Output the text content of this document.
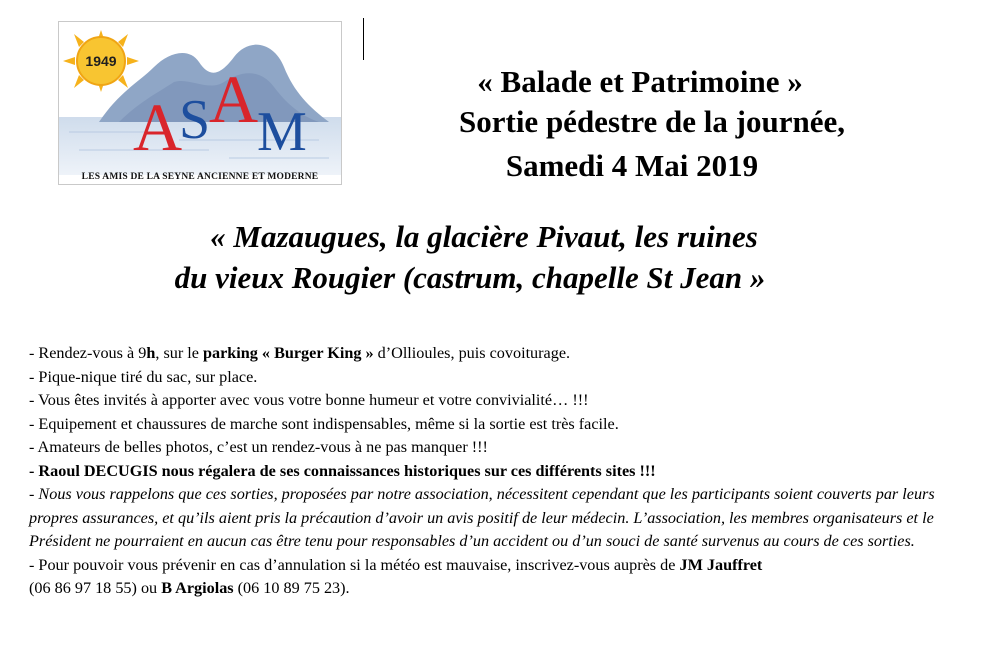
1949
A
S
A
M
LES AMIS DE LA SEYNE ANCIENNE ET MODERNE
« Balade et Patrimoine »
Sortie pédestre de la journée,
Samedi 4 Mai 2019
« Mazaugues, la glacière Pivaut, les ruines
du vieux Rougier (castrum, chapelle St Jean »

- Rendez-vous à 9h, sur le parking « Burger King » d’Ollioules, puis covoiturage.

- Pique-nique tiré du sac, sur place.

- Vous êtes invités à apporter avec vous votre bonne humeur et votre convivialité… !!!

- Equipement et chaussures de marche sont indispensables, même si la sortie est très facile.

- Amateurs de belles photos, c’est un rendez-vous à ne pas manquer !!!

- Raoul DECUGIS nous régalera de ses connaissances historiques sur ces différents sites !!!

- Nous vous rappelons que ces sorties, proposées par notre association, nécessitent cependant que les participants soient couverts par leurs propres assurances, et qu’ils aient pris la précaution d’avoir un avis positif de leur médecin. L’association, les membres organisateurs et le Président ne pourraient en aucun cas être tenu pour responsables d’un accident ou d’un souci de santé survenus au cours de ces sorties.

- Pour pouvoir vous prévenir en cas d’annulation si la météo est mauvaise, inscrivez-vous auprès de JM Jauffret
(06 86 97 18 55) ou B Argiolas (06 10 89 75 23).
